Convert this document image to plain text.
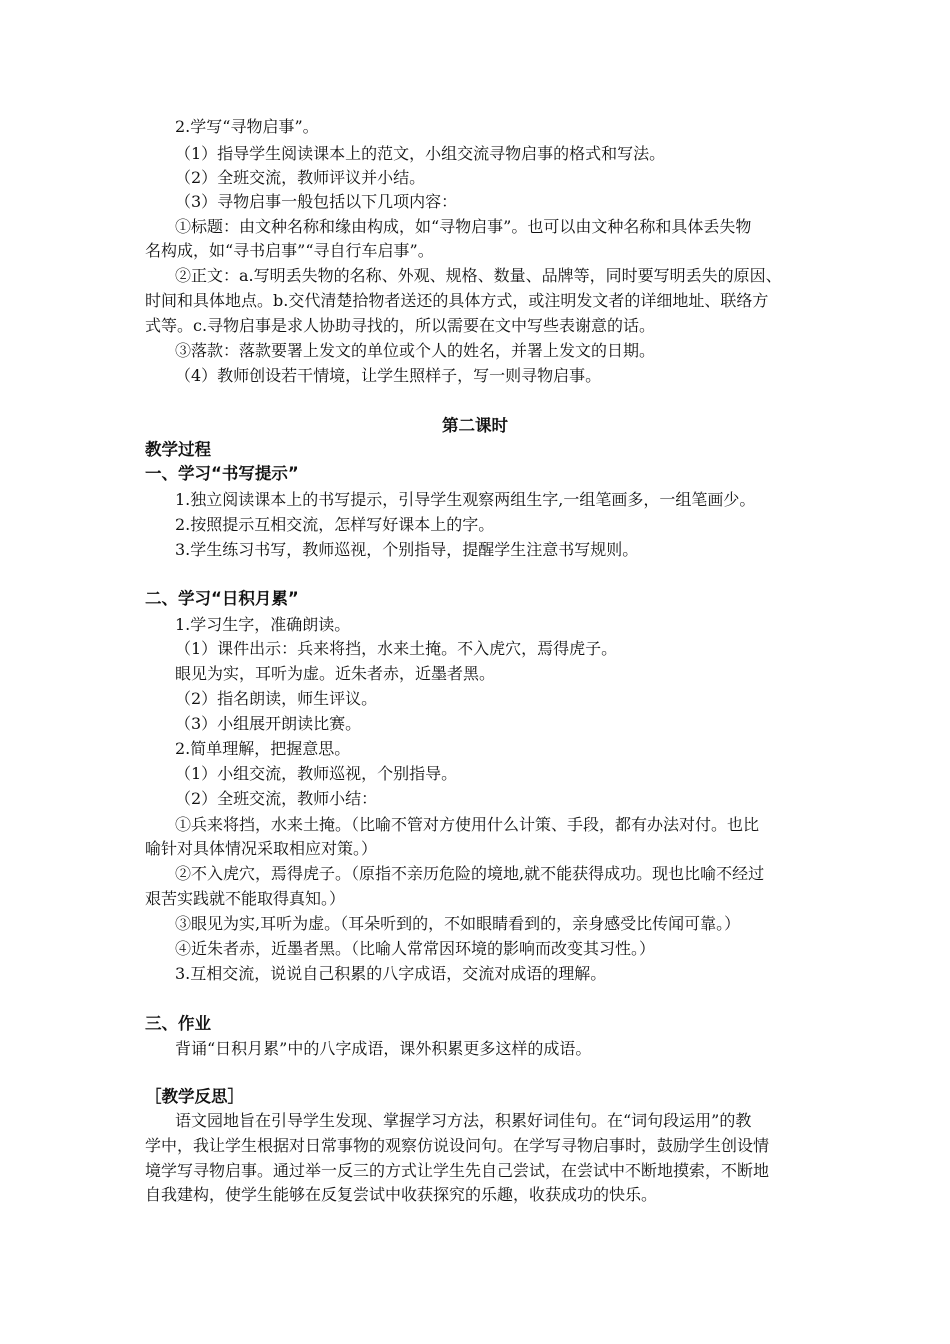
2.学写“寻物启事”。
（1）指导学生阅读课本上的范文，小组交流寻物启事的格式和写法。
（2）全班交流，教师评议并小结。
（3）寻物启事一般包括以下几项内容：
①标题：由文种名称和缘由构成，如“寻物启事”。也可以由文种名称和具体丢失物
名构成，如“寻书启事”“寻自行车启事”。
②正文：a.写明丢失物的名称、外观、规格、数量、品牌等，同时要写明丢失的原因、
时间和具体地点。b.交代清楚拾物者送还的具体方式，或注明发文者的详细地址、联络方
式等。c.寻物启事是求人协助寻找的，所以需要在文中写些表谢意的话。
③落款：落款要署上发文的单位或个人的姓名，并署上发文的日期。
（4）教师创设若干情境，让学生照样子，写一则寻物启事。
第二课时
教学过程
一、学习“书写提示”
1.独立阅读课本上的书写提示，引导学生观察两组生字,一组笔画多，一组笔画少。
2.按照提示互相交流，怎样写好课本上的字。
3.学生练习书写，教师巡视，个别指导，提醒学生注意书写规则。
二、学习“日积月累”
1.学习生字，准确朗读。
（1）课件出示：兵来将挡，水来土掩。不入虎穴，焉得虎子。
眼见为实，耳听为虚。近朱者赤，近墨者黑。
（2）指名朗读，师生评议。
（3）小组展开朗读比赛。
2.简单理解，把握意思。
（1）小组交流，教师巡视，个别指导。
（2）全班交流，教师小结：
①兵来将挡，水来土掩。（比喻不管对方使用什么计策、手段，都有办法对付。也比
喻针对具体情况采取相应对策。）
②不入虎穴，焉得虎子。（原指不亲历危险的境地,就不能获得成功。现也比喻不经过
艰苦实践就不能取得真知。）
③眼见为实,耳听为虚。（耳朵听到的，不如眼睛看到的，亲身感受比传闻可靠。）
④近朱者赤，近墨者黑。（比喻人常常因环境的影响而改变其习性。）
3.互相交流，说说自己积累的八字成语，交流对成语的理解。
三、作业
背诵“日积月累”中的八字成语，课外积累更多这样的成语。
［教学反思］
语文园地旨在引导学生发现、掌握学习方法，积累好词佳句。在“词句段运用”的教
学中，我让学生根据对日常事物的观察仿说设问句。在学写寻物启事时，鼓励学生创设情
境学写寻物启事。通过举一反三的方式让学生先自己尝试，在尝试中不断地摸索，不断地
自我建构，使学生能够在反复尝试中收获探究的乐趣，收获成功的快乐。
